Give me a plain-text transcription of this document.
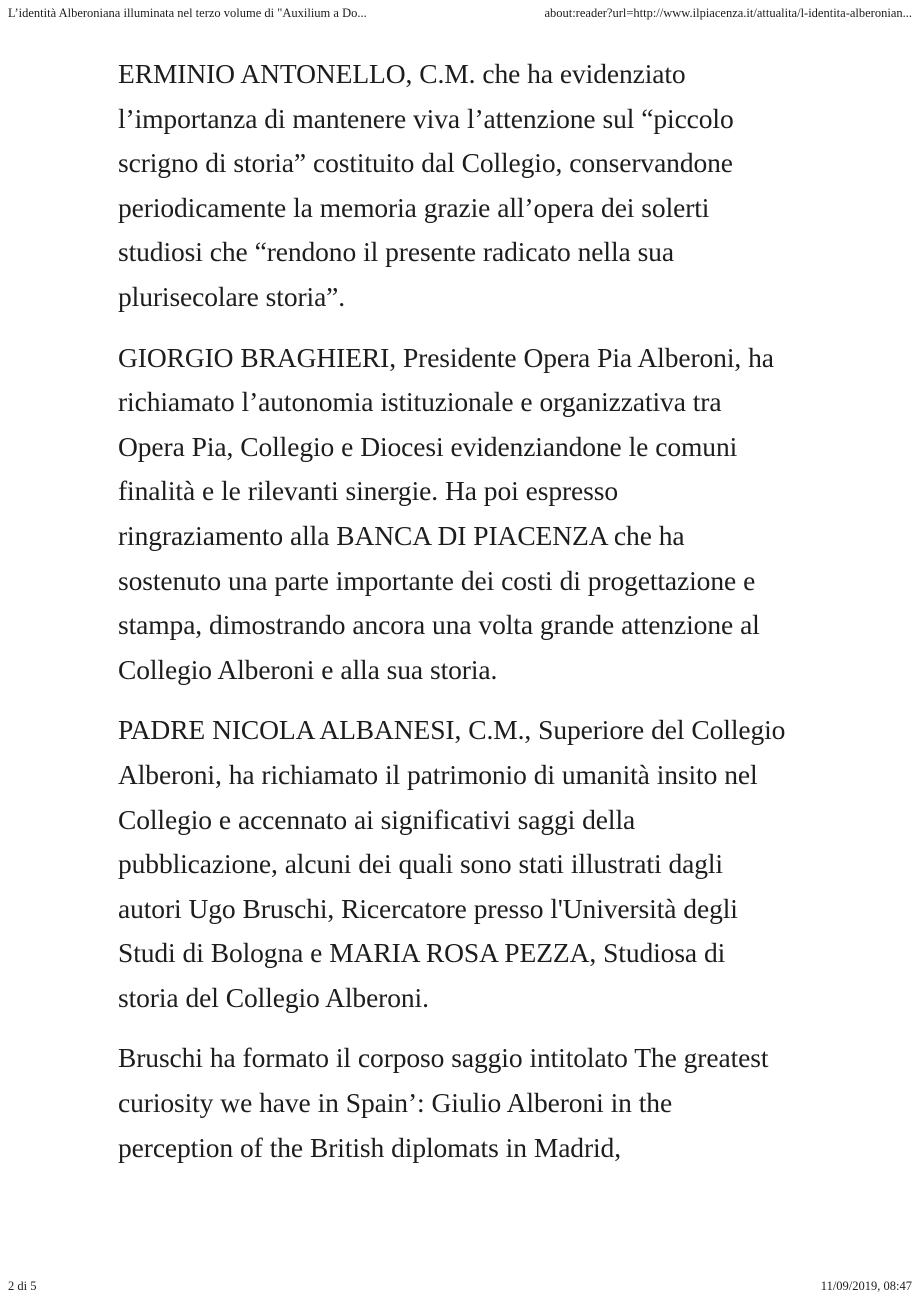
L’identità Alberoniana illuminata nel terzo volume di "Auxilium a Do...	about:reader?url=http://www.ilpiacenza.it/attualita/l-identita-alberonian...

ERMINIO ANTONELLO, C.M. che ha evidenziato l’importanza di mantenere viva l’attenzione sul “piccolo scrigno di storia” costituito dal Collegio, conservandone periodicamente la memoria grazie all’opera dei solerti studiosi che “rendono il presente radicato nella sua plurisecolare storia”.

GIORGIO BRAGHIERI, Presidente Opera Pia Alberoni, ha richiamato l’autonomia istituzionale e organizzativa tra Opera Pia, Collegio e Diocesi evidenziandone le comuni finalità e le rilevanti sinergie. Ha poi espresso ringraziamento alla BANCA DI PIACENZA che ha sostenuto una parte importante dei costi di progettazione e stampa, dimostrando ancora una volta grande attenzione al Collegio Alberoni e alla sua storia.

PADRE NICOLA ALBANESI, C.M., Superiore del Collegio Alberoni, ha richiamato il patrimonio di umanità insito nel Collegio e accennato ai significativi saggi della pubblicazione, alcuni dei quali sono stati illustrati dagli autori Ugo Bruschi, Ricercatore presso l'Università degli Studi di Bologna e MARIA ROSA PEZZA, Studiosa di storia del Collegio Alberoni.

Bruschi ha formato il corposo saggio intitolato The greatest curiosity we have in Spain’: Giulio Alberoni in the perception of the British diplomats in Madrid,

2 di 5	11/09/2019, 08:47
